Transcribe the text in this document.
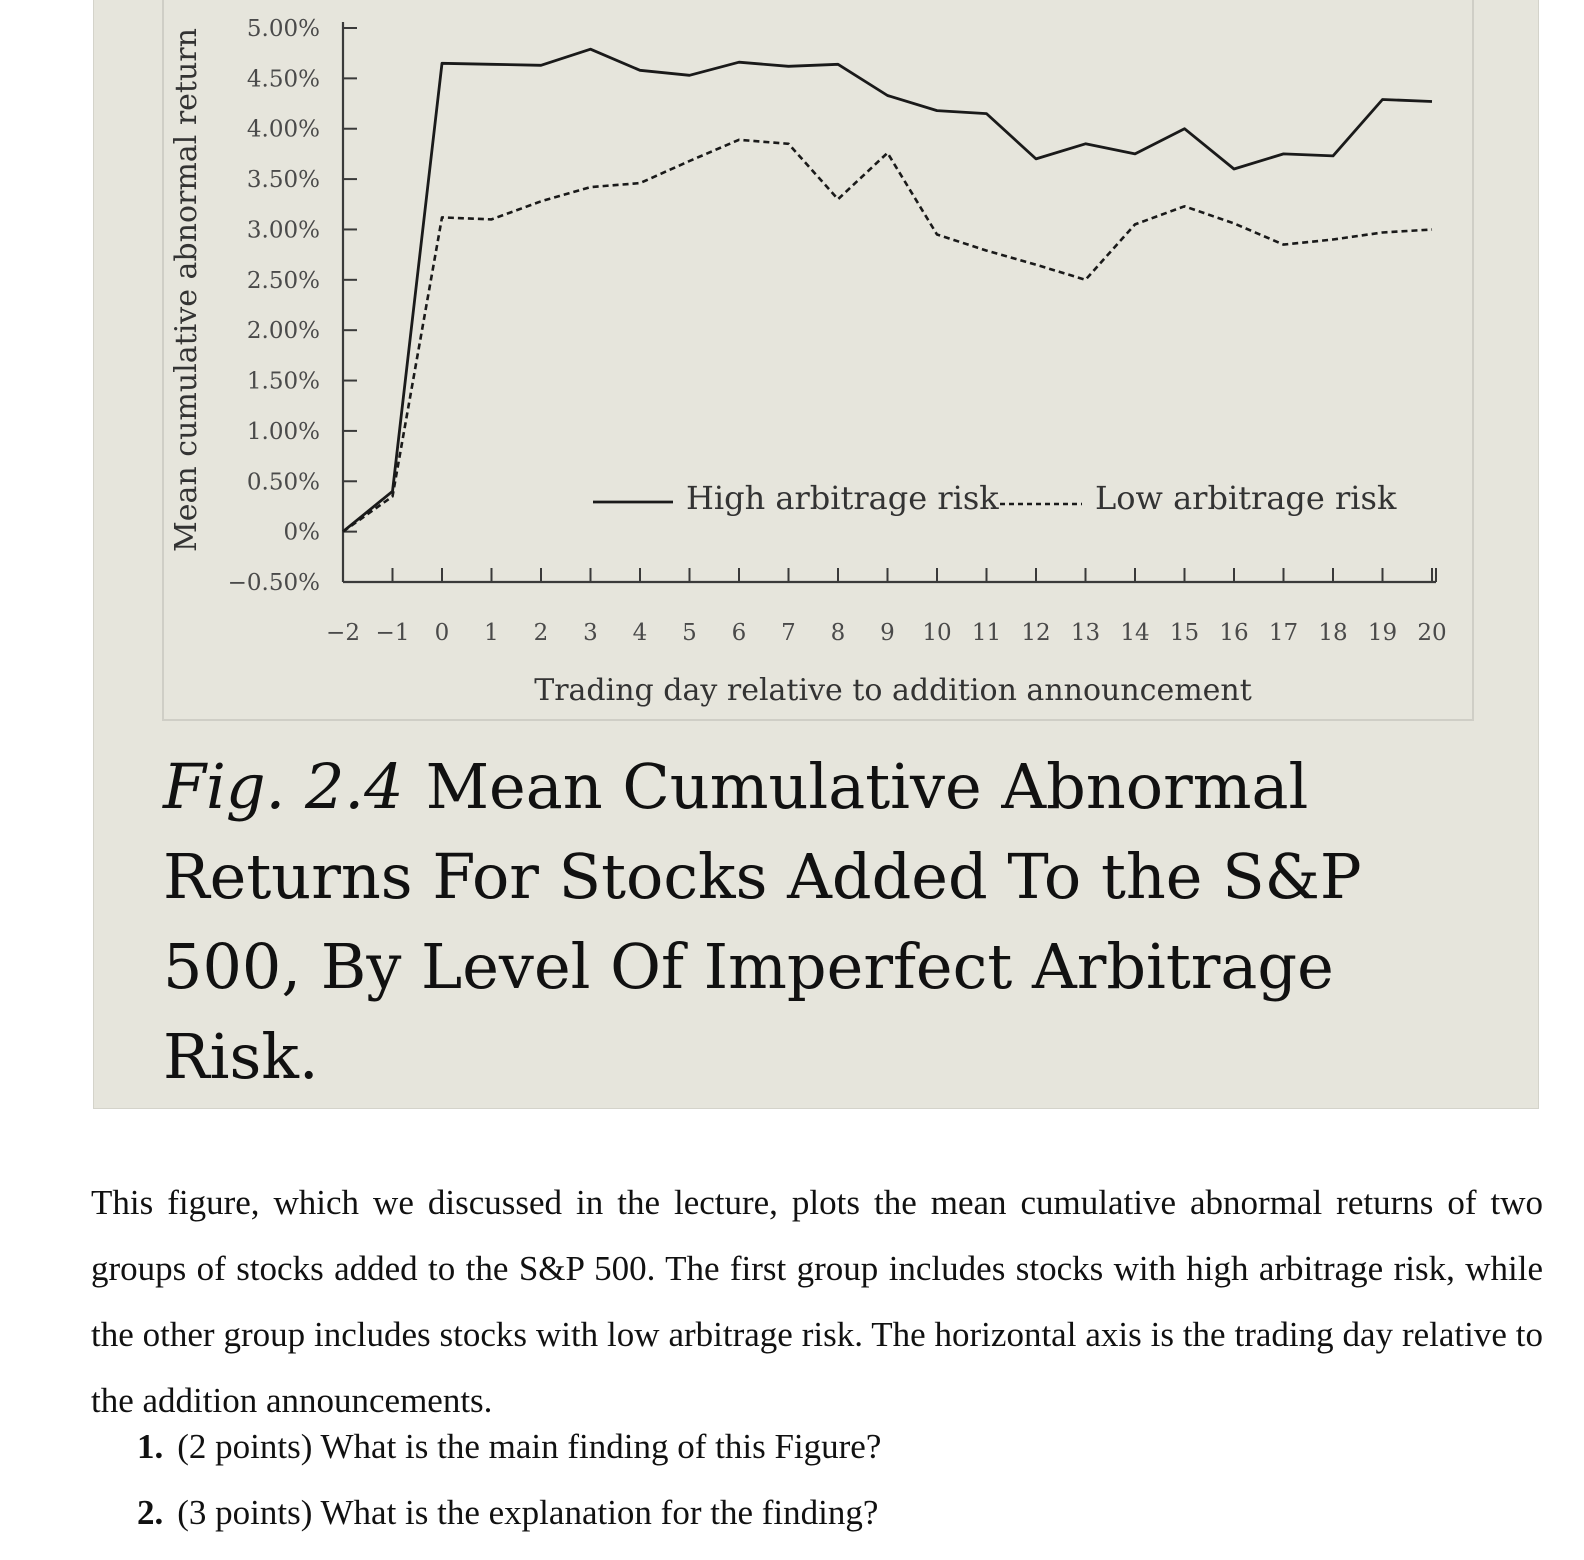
5.00%
4.50%
4.00%
3.50%
3.00%
2.50%
2.00%
1.50%
1.00%
0.50%
0%
−0.50%
−2 −1 0 1 2 3 4 5 6 7 8 9 10 11 12 13 14 15 16 17 18 19 20
High arbitrage risk	Low arbitrage risk
Mean cumulative abnormal return
Trading day relative to addition announcement

Fig. 2.4 Mean Cumulative Abnormal Returns For Stocks Added To the S&P 500, By Level Of Imperfect Arbitrage Risk.

This figure, which we discussed in the lecture, plots the mean cumulative abnormal returns of two groups of stocks added to the S&P 500. The first group includes stocks with high arbitrage risk, while the other group includes stocks with low arbitrage risk. The horizontal axis is the trading day relative to the addition announcements.

1. (2 points) What is the main finding of this Figure?
2. (3 points) What is the explanation for the finding?
